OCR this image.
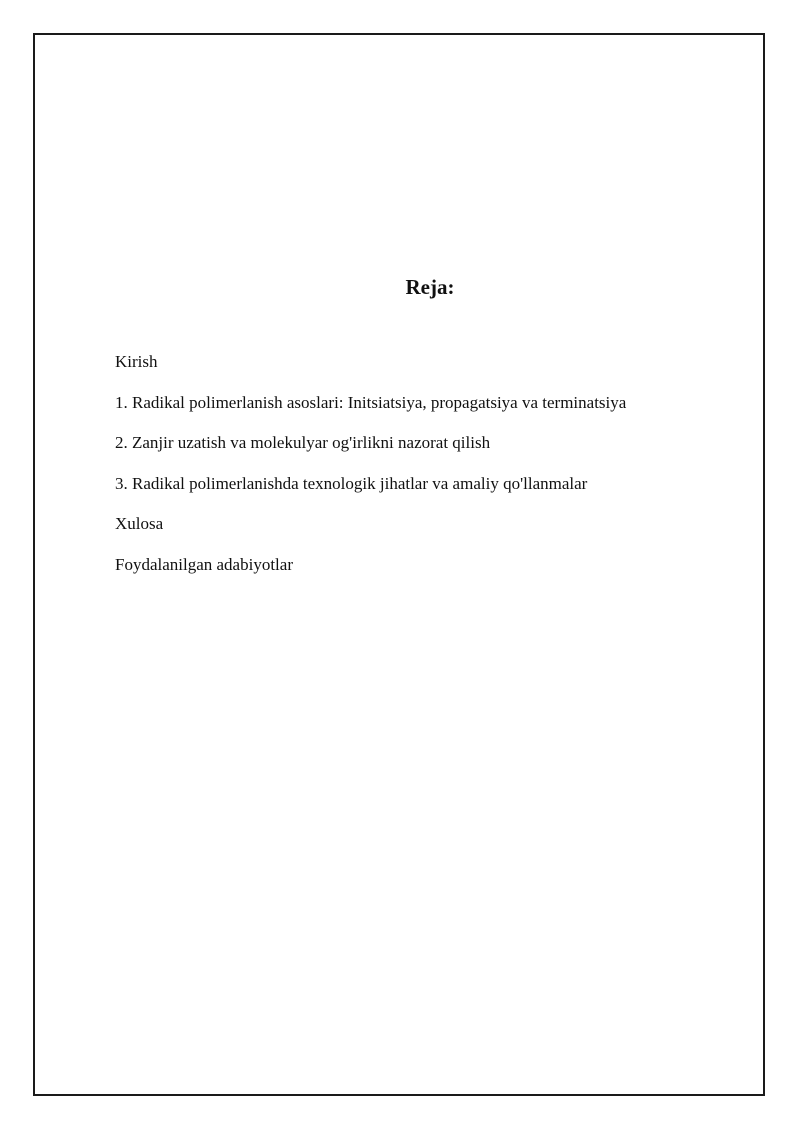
Reja:
Kirish
1. Radikal polimerlanish asoslari: Initsiatsiya, propagatsiya va terminatsiya
2. Zanjir uzatish va molekulyar og'irlikni nazorat qilish
3. Radikal polimerlanishda texnologik jihatlar va amaliy qo'llanmalar
Xulosa
Foydalanilgan adabiyotlar
